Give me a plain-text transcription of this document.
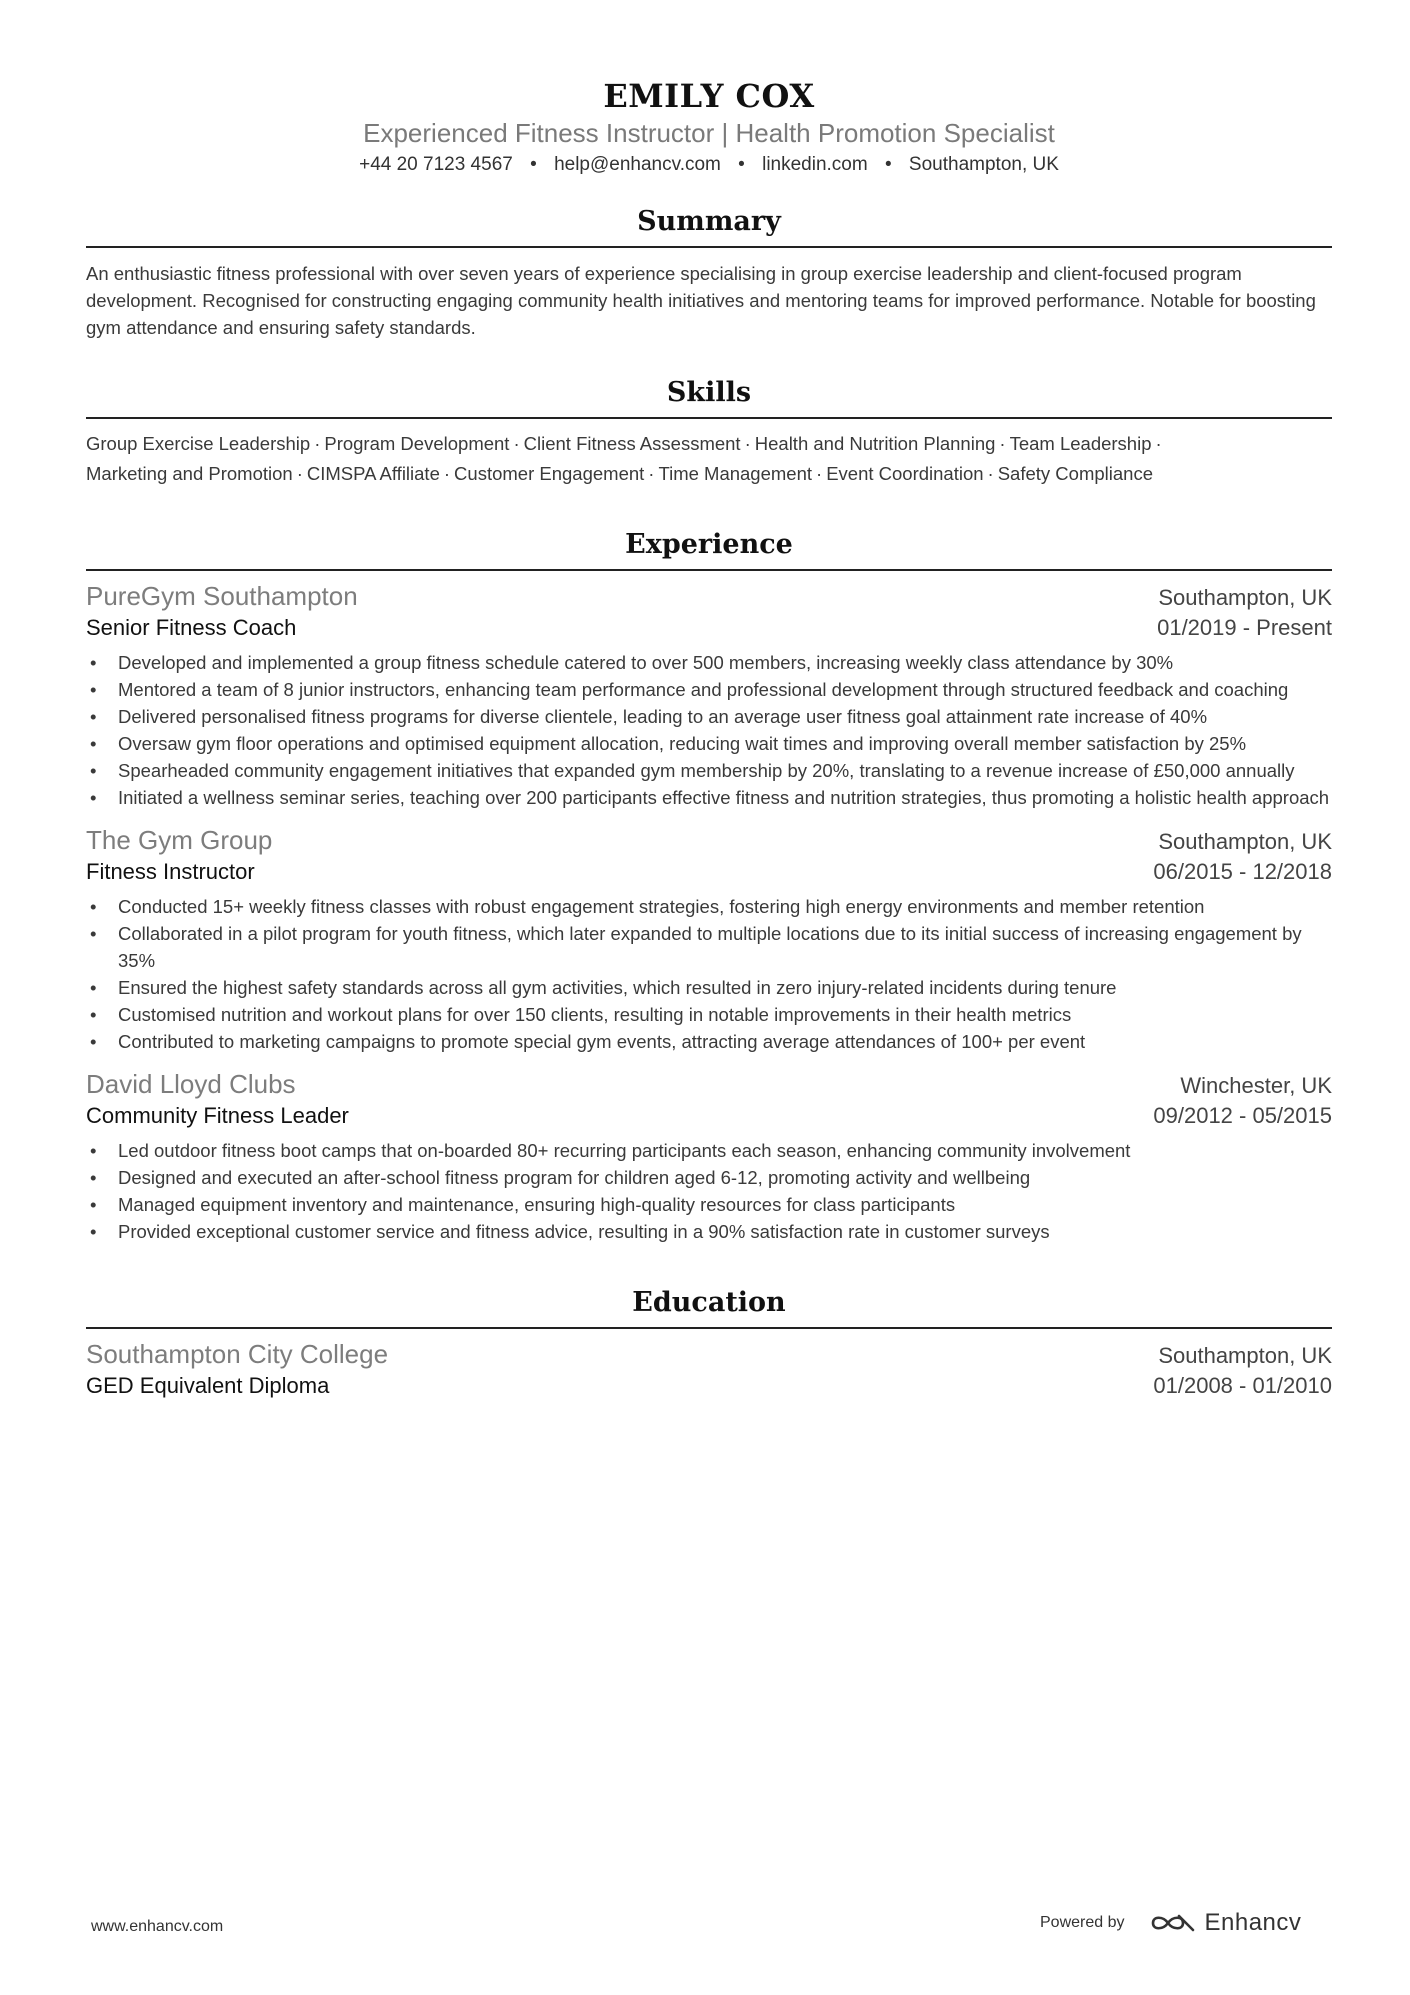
EMILY COX
Experienced Fitness Instructor | Health Promotion Specialist
+44 20 7123 4567 • help@enhancv.com • linkedin.com • Southampton, UK
Summary
An enthusiastic fitness professional with over seven years of experience specialising in group exercise leadership and client-focused program development. Recognised for constructing engaging community health initiatives and mentoring teams for improved performance. Notable for boosting gym attendance and ensuring safety standards.
Skills
Group Exercise Leadership · Program Development · Client Fitness Assessment · Health and Nutrition Planning · Team Leadership ·
Marketing and Promotion · CIMSPA Affiliate · Customer Engagement · Time Management · Event Coordination · Safety Compliance
Experience
PureGym Southampton	Southampton, UK
Senior Fitness Coach	01/2019 - Present
• Developed and implemented a group fitness schedule catered to over 500 members, increasing weekly class attendance by 30%
• Mentored a team of 8 junior instructors, enhancing team performance and professional development through structured feedback and coaching
• Delivered personalised fitness programs for diverse clientele, leading to an average user fitness goal attainment rate increase of 40%
• Oversaw gym floor operations and optimised equipment allocation, reducing wait times and improving overall member satisfaction by 25%
• Spearheaded community engagement initiatives that expanded gym membership by 20%, translating to a revenue increase of £50,000 annually
• Initiated a wellness seminar series, teaching over 200 participants effective fitness and nutrition strategies, thus promoting a holistic health approach
The Gym Group	Southampton, UK
Fitness Instructor	06/2015 - 12/2018
• Conducted 15+ weekly fitness classes with robust engagement strategies, fostering high energy environments and member retention
• Collaborated in a pilot program for youth fitness, which later expanded to multiple locations due to its initial success of increasing engagement by 35%
• Ensured the highest safety standards across all gym activities, which resulted in zero injury-related incidents during tenure
• Customised nutrition and workout plans for over 150 clients, resulting in notable improvements in their health metrics
• Contributed to marketing campaigns to promote special gym events, attracting average attendances of 100+ per event
David Lloyd Clubs	Winchester, UK
Community Fitness Leader	09/2012 - 05/2015
• Led outdoor fitness boot camps that on-boarded 80+ recurring participants each season, enhancing community involvement
• Designed and executed an after-school fitness program for children aged 6-12, promoting activity and wellbeing
• Managed equipment inventory and maintenance, ensuring high-quality resources for class participants
• Provided exceptional customer service and fitness advice, resulting in a 90% satisfaction rate in customer surveys
Education
Southampton City College	Southampton, UK
GED Equivalent Diploma	01/2008 - 01/2010
www.enhancv.com	Powered by	Enhancv
